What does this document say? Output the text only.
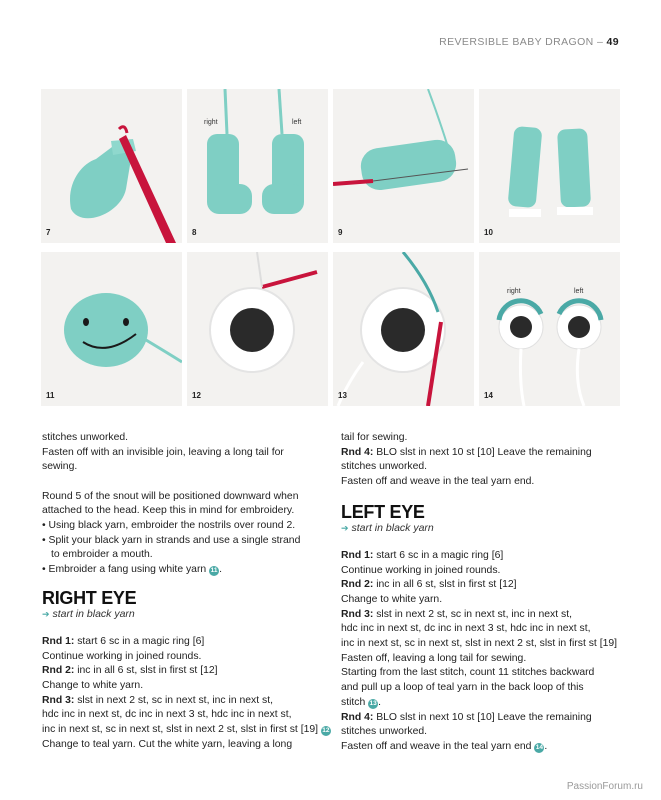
REVERSIBLE BABY DRAGON – 49
7
right	left
8	9	10
11	12	13
right	left
14
stitches unworked.
Fasten off with an invisible join, leaving a long tail for
sewing.
Round 5 of the snout will be positioned downward when
attached to the head. Keep this in mind for embroidery.
• Using black yarn, embroider the nostrils over round 2.
• Split your black yarn in strands and use a single strand
to embroider a mouth.
• Embroider a fang using white yarn 11 .
RIGHT EYE
➔ start in black yarn
Rnd 1: start 6 sc in a magic ring [6]
Continue working in joined rounds.
Rnd 2: inc in all 6 st, slst in first st [12]
Change to white yarn.
Rnd 3: slst in next 2 st, sc in next st, inc in next st,
hdc inc in next st, dc inc in next 3 st, hdc inc in next st,
inc in next st, sc in next st, slst in next 2 st, slst in first st [19] 12
Change to teal yarn. Cut the white yarn, leaving a long
tail for sewing.
Rnd 4: BLO slst in next 10 st [10] Leave the remaining
stitches unworked.
Fasten off and weave in the teal yarn end.
LEFT EYE
➔ start in black yarn
Rnd 1: start 6 sc in a magic ring [6]
Continue working in joined rounds.
Rnd 2: inc in all 6 st, slst in first st [12]
Change to white yarn.
Rnd 3: slst in next 2 st, sc in next st, inc in next st,
hdc inc in next st, dc inc in next 3 st, hdc inc in next st,
inc in next st, sc in next st, slst in next 2 st, slst in first st [19]
Fasten off, leaving a long tail for sewing.
Starting from the last stitch, count 11 stitches backward
and pull up a loop of teal yarn in the back loop of this
stitch 13.
Rnd 4: BLO slst in next 10 st [10] Leave the remaining
stitches unworked.
Fasten off and weave in the teal yarn end 14.
PassionForum.ru
